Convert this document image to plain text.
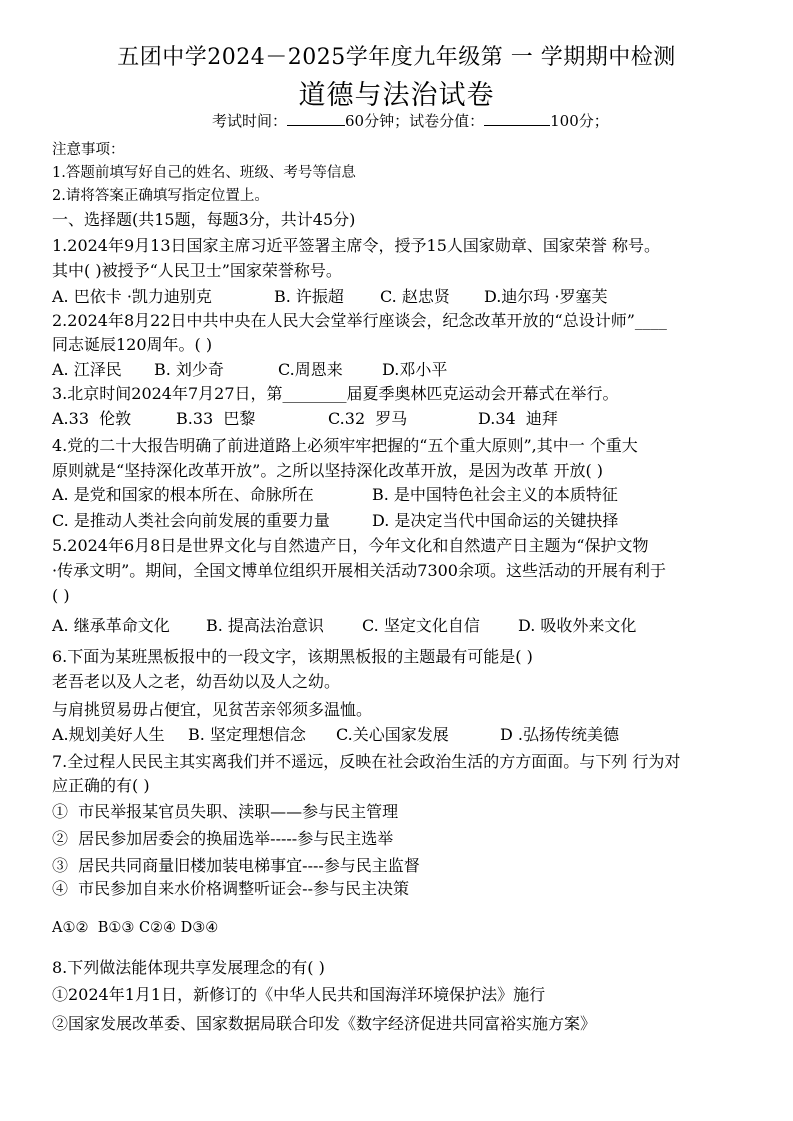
五团中学2024－2025学年度九年级第 一 学期期中检测
道德与法治试卷
考试时间：	60分钟；试卷分值：	100分；
注意事项：
1.答题前填写好自己的姓名、班级、考号等信息
2.请将答案正确填写指定位置上。
一、选择题(共15题，每题3分，共计45分)
1.2024年9月13日国家主席习近平签署主席令，授予15人国家勋章、国家荣誉 称号。
其中( )被授予“人民卫士”国家荣誉称号。
A. 巴依卡 ·凯力迪别克	B. 许振超 C. 赵忠贤 D.迪尔玛 ·罗塞芙
2.2024年8月22日中共中央在人民大会堂举行座谈会，纪念改革开放的“总设计师”____
同志诞辰120周年。( )
A. 江泽民 B. 刘少奇	C.周恩来 D.邓小平
3.北京时间2024年7月27日，第________届夏季奥林匹克运动会开幕式在举行。
A.33  伦敦	B.33  巴黎	C.32  罗马	D.34  迪拜
4.党的二十大报告明确了前进道路上必须牢牢把握的“五个重大原则”,其中一 个重大
原则就是“坚持深化改革开放”。之所以坚持深化改革开放，是因为改革 开放( )
A. 是党和国家的根本所在、命脉所在	B. 是中国特色社会主义的本质特征
C. 是推动人类社会向前发展的重要力量	D. 是决定当代中国命运的关键抉择
5.2024年6月8日是世界文化与自然遗产日，今年文化和自然遗产日主题为“保护文物
·传承文明”。期间，全国文博单位组织开展相关活动7300余项。这些活动的开展有利于
( )
A. 继承革命文化 B. 提高法治意识 C. 坚定文化自信 D. 吸收外来文化
6.下面为某班黑板报中的一段文字，该期黑板报的主题最有可能是( )
老吾老以及人之老，幼吾幼以及人之幼。
与肩挑贸易毋占便宜，见贫苦亲邻须多温恤。
A.规划美好人生 B. 坚定理想信念 C.关心国家发展	D .弘扬传统美德
7.全过程人民民主其实离我们并不遥远，反映在社会政治生活的方方面面。与下列 行为对
应正确的有( )
①  市民举报某官员失职、渎职——参与民主管理
②  居民参加居委会的换届选举-----参与民主选举
③  居民共同商量旧楼加装电梯事宜----参与民主监督
④  市民参加自来水价格调整听证会--参与民主决策
A①②  B①③ C②④ D③④
8.下列做法能体现共享发展理念的有( )
①2024年1月1日，新修订的《中华人民共和国海洋环境保护法》施行
②国家发展改革委、国家数据局联合印发《数字经济促进共同富裕实施方案》
